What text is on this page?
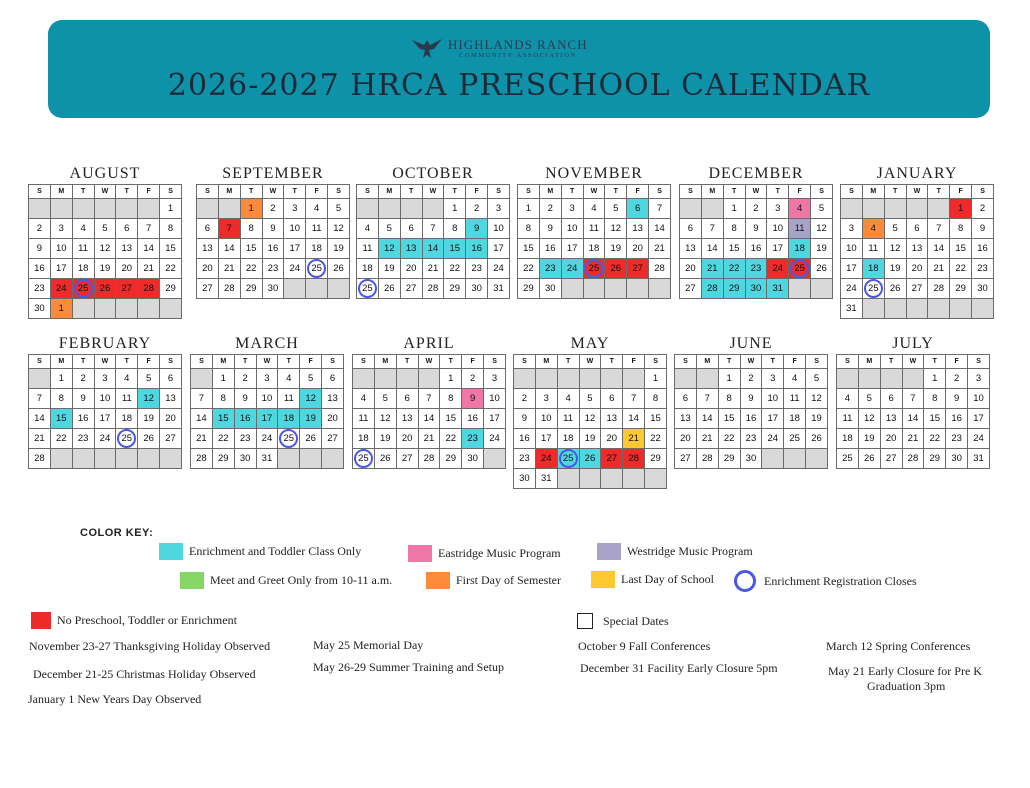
HIGHLANDS RANCH
COMMUNITY ASSOCIATION
2026-2027 HRCA PRESCHOOL CALENDAR
AUGUST
S	M	T	W	T	F	S
						1
2	3	4	5	6	7	8
9	10	11	12	13	14	15
16	17	18	19	20	21	22
23	24	25	26	27	28	29
30	1					
SEPTEMBER
S	M	T	W	T	F	S
		1	2	3	4	5
6	7	8	9	10	11	12
13	14	15	16	17	18	19
20	21	22	23	24	25	26
27	28	29	30			
OCTOBER
S	M	T	W	T	F	S
				1	2	3
4	5	6	7	8	9	10
11	12	13	14	15	16	17
18	19	20	21	22	23	24
25	26	27	28	29	30	31
NOVEMBER
S	M	T	W	T	F	S
1	2	3	4	5	6	7
8	9	10	11	12	13	14
15	16	17	18	19	20	21
22	23	24	25	26	27	28
29	30					
DECEMBER
S	M	T	W	T	F	S
		1	2	3	4	5
6	7	8	9	10	11	12
13	14	15	16	17	18	19
20	21	22	23	24	25	26
27	28	29	30	31		
JANUARY
S	M	T	W	T	F	S
					1	2
3	4	5	6	7	8	9
10	11	12	13	14	15	16
17	18	19	20	21	22	23
24	25	26	27	28	29	30
31						
FEBRUARY
S	M	T	W	T	F	S
	1	2	3	4	5	6
7	8	9	10	11	12	13
14	15	16	17	18	19	20
21	22	23	24	25	26	27
28						
MARCH
S	M	T	W	T	F	S
	1	2	3	4	5	6
7	8	9	10	11	12	13
14	15	16	17	18	19	20
21	22	23	24	25	26	27
28	29	30	31			
APRIL
S	M	T	W	T	F	S
				1	2	3
4	5	6	7	8	9	10
11	12	13	14	15	16	17
18	19	20	21	22	23	24
25	26	27	28	29	30	
MAY
S	M	T	W	T	F	S
						1
2	3	4	5	6	7	8
9	10	11	12	13	14	15
16	17	18	19	20	21	22
23	24	25	26	27	28	29
30	31					
JUNE
S	M	T	W	T	F	S
		1	2	3	4	5
6	7	8	9	10	11	12
13	14	15	16	17	18	19
20	21	22	23	24	25	26
27	28	29	30			
JULY
S	M	T	W	T	F	S
				1	2	3
4	5	6	7	8	9	10
11	12	13	14	15	16	17
18	19	20	21	22	23	24
25	26	27	28	29	30	31
COLOR KEY:
Enrichment and Toddler Class Only	Eastridge Music Program	Westridge Music Program
Meet and Greet Only from 10-11 a.m.	First Day of Semester	Last Day of School	Enrichment Registration Closes
No Preschool, Toddler or Enrichment	Special Dates
November 23-27 Thanksgiving Holiday Observed
December 21-25 Christmas Holiday Observed
January 1 New Years Day Observed
May 25 Memorial Day
May 26-29 Summer Training and Setup
October 9 Fall Conferences
December 31 Facility Early Closure 5pm
March 12 Spring Conferences
May 21 Early Closure for Pre K
Graduation 3pm
